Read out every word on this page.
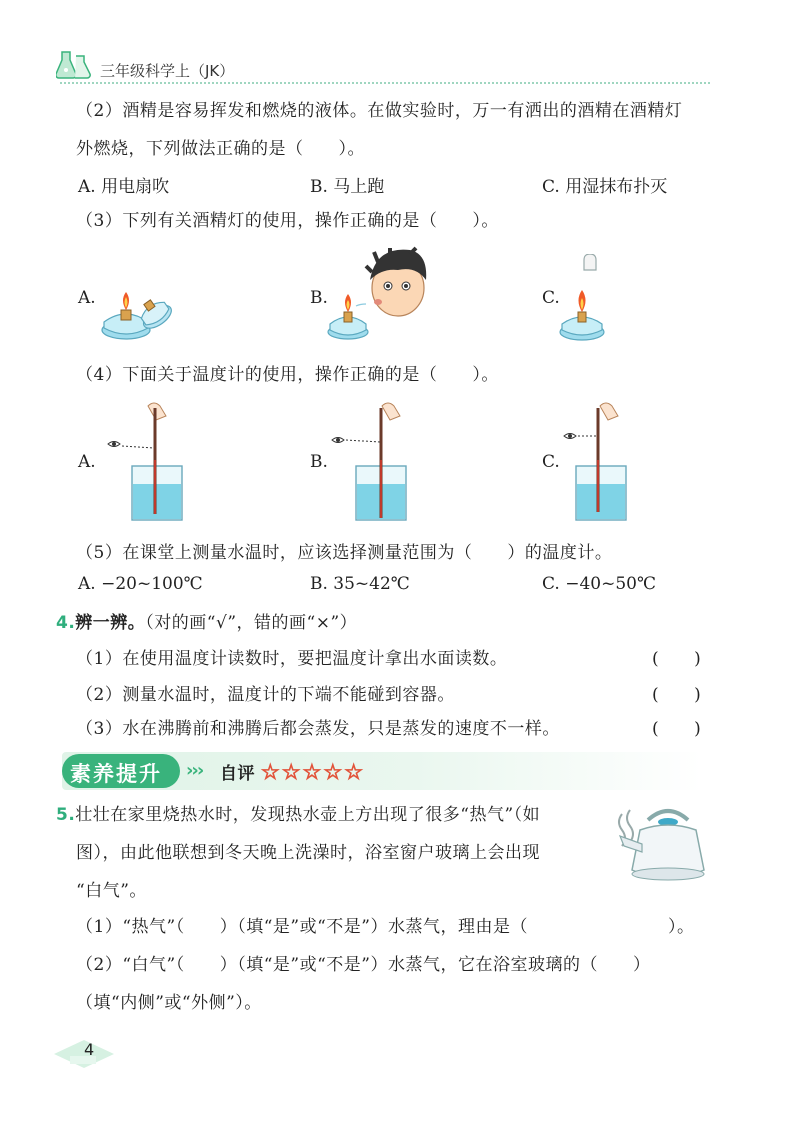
三年级科学上（JK）
（2）酒精是容易挥发和燃烧的液体。在做实验时，万一有洒出的酒精在酒精灯
外燃烧，下列做法正确的是（　　）。
A. 用电扇吹	B. 马上跑	C. 用湿抹布扑灭
（3）下列有关酒精灯的使用，操作正确的是（　　）。
A.	B.	C.
（4）下面关于温度计的使用，操作正确的是（　　）。
A.	B.	C.
（5）在课堂上测量水温时，应该选择测量范围为（　　）的温度计。
A. −20~100℃	B. 35~42℃	C. −40~50℃
4.辨一辨。（对的画“√”，错的画“×”）
（1）在使用温度计读数时，要把温度计拿出水面读数。	(　　)
（2）测量水温时，温度计的下端不能碰到容器。	(　　)
（3）水在沸腾前和沸腾后都会蒸发，只是蒸发的速度不一样。	(　　)
素养提升 ››› 自评 ☆☆☆☆☆
5.壮壮在家里烧热水时，发现热水壶上方出现了很多“热气”（如
图），由此他联想到冬天晚上洗澡时，浴室窗户玻璃上会出现
“白气”。
（1）“热气”（　　）（填“是”或“不是”）水蒸气，理由是（　　　　　　　　）。
（2）“白气”（　　）（填“是”或“不是”）水蒸气，它在浴室玻璃的（　　）
（填“内侧”或“外侧”）。
4
